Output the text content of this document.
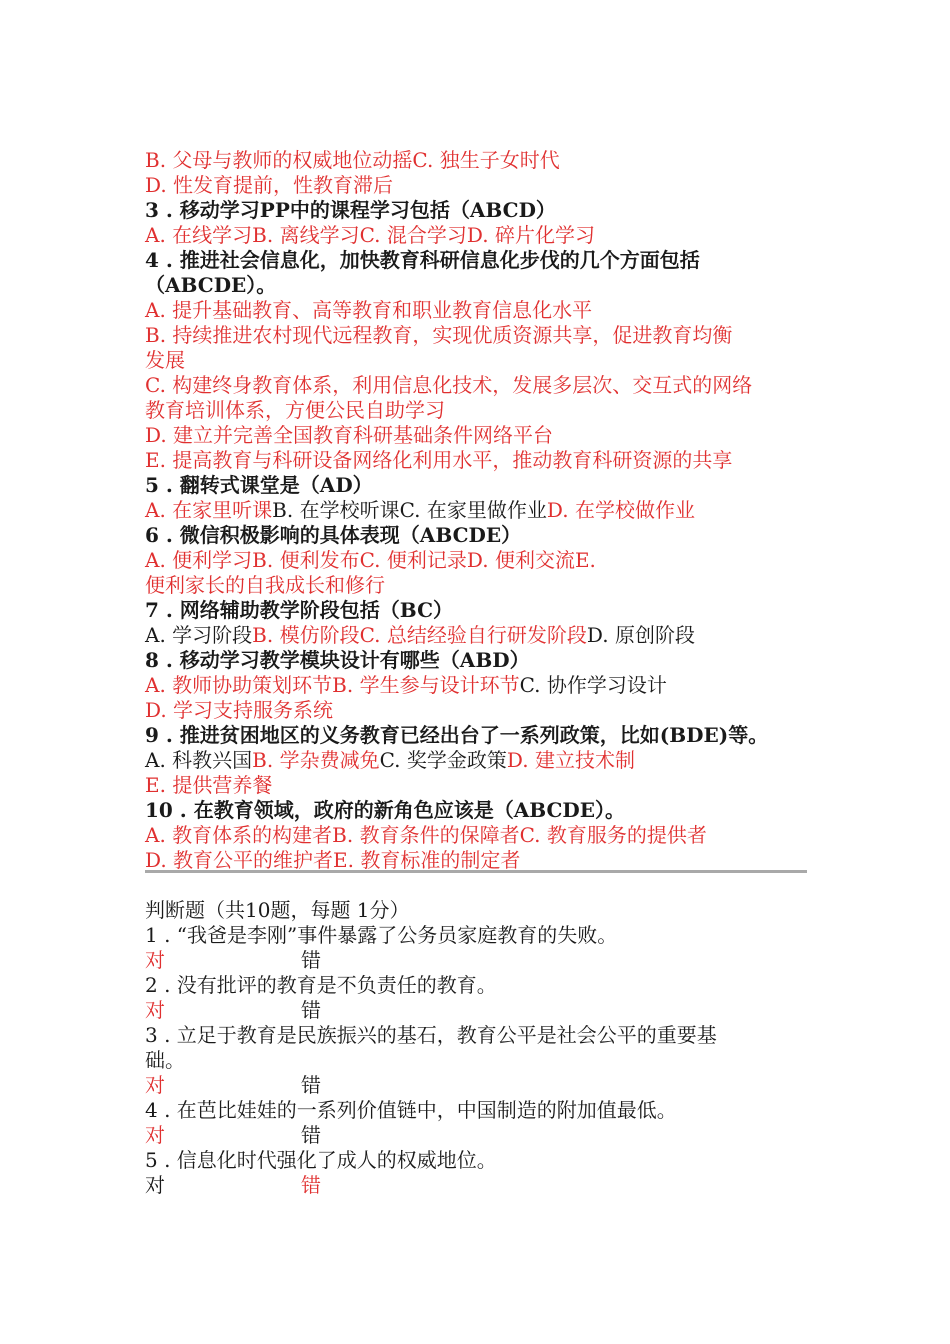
B. 父母与教师的权威地位动摇C. 独生子女时代
D. 性发育提前，性教育滞后
3 . 移动学习PP中的课程学习包括（ABCD）
A. 在线学习B. 离线学习C. 混合学习D. 碎片化学习
4 . 推进社会信息化，加快教育科研信息化步伐的几个方面包括
（ABCDE）。
A. 提升基础教育、高等教育和职业教育信息化水平
B. 持续推进农村现代远程教育，实现优质资源共享，促进教育均衡
发展
C. 构建终身教育体系，利用信息化技术，发展多层次、交互式的网络
教育培训体系，方便公民自助学习
D. 建立并完善全国教育科研基础条件网络平台
E. 提高教育与科研设备网络化利用水平，推动教育科研资源的共享
5 . 翻转式课堂是（AD）
A. 在家里听课B. 在学校听课C. 在家里做作业D. 在学校做作业
6 . 微信积极影响的具体表现（ABCDE）
A. 便利学习B. 便利发布C. 便利记录D. 便利交流E.
便利家长的自我成长和修行
7 . 网络辅助教学阶段包括（BC）
A. 学习阶段B. 模仿阶段C. 总结经验自行研发阶段D. 原创阶段
8 . 移动学习教学模块设计有哪些（ABD）
A. 教师协助策划环节B. 学生参与设计环节C. 协作学习设计
D. 学习支持服务系统
9 . 推进贫困地区的义务教育已经出台了一系列政策，比如(BDE)等。
A. 科教兴国B. 学杂费减免C. 奖学金政策D. 建立技术制
E. 提供营养餐
10 . 在教育领域，政府的新角色应该是（ABCDE）。
A. 教育体系的构建者B. 教育条件的保障者C. 教育服务的提供者
D. 教育公平的维护者E. 教育标准的制定者
判断题（共10题，每题 1分）
1 . “我爸是李刚”事件暴露了公务员家庭教育的失败。
对	错
2 . 没有批评的教育是不负责任的教育。
对	错
3 . 立足于教育是民族振兴的基石，教育公平是社会公平的重要基
础。
对	错
4 . 在芭比娃娃的一系列价值链中，中国制造的附加值最低。
对	错
5 . 信息化时代强化了成人的权威地位。
对	错
